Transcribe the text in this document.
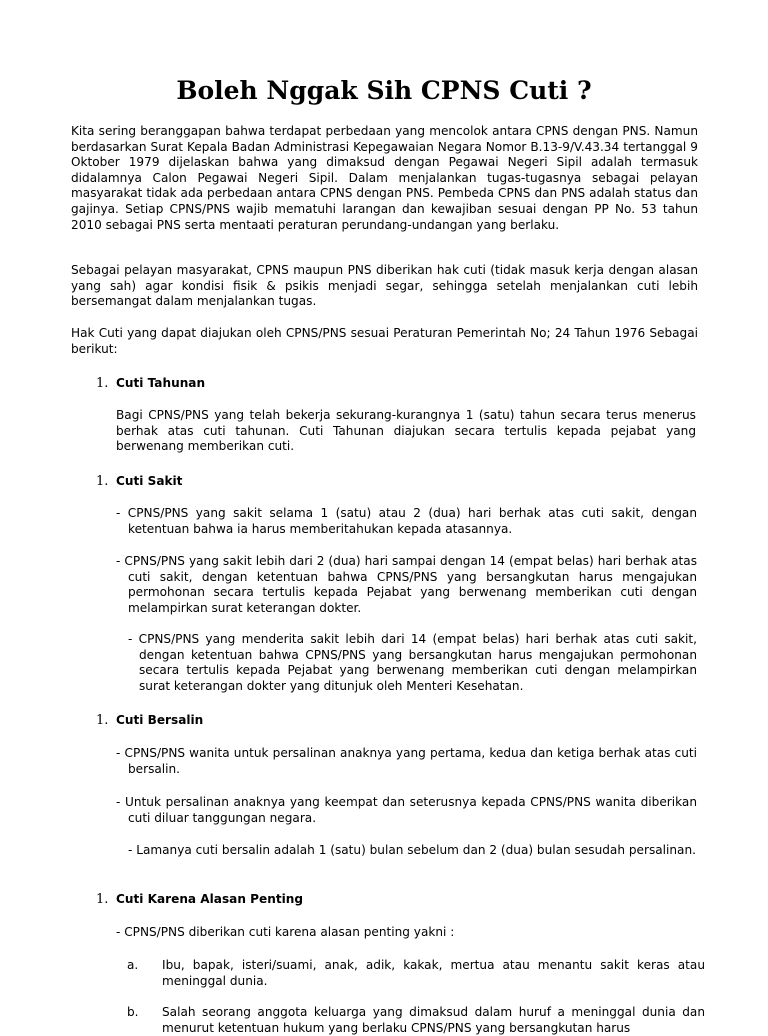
Boleh Nggak Sih CPNS Cuti ?

Kita sering beranggapan bahwa terdapat perbedaan yang mencolok antara CPNS dengan PNS. Namun berdasarkan Surat Kepala Badan Administrasi Kepegawaian Negara Nomor B.13-9/V.43.34 tertanggal 9 Oktober 1979 dijelaskan bahwa yang dimaksud dengan Pegawai Negeri Sipil adalah termasuk didalamnya Calon Pegawai Negeri Sipil. Dalam menjalankan tugas-tugasnya sebagai pelayan masyarakat tidak ada perbedaan antara CPNS dengan PNS. Pembeda CPNS dan PNS adalah status dan gajinya. Setiap CPNS/PNS wajib mematuhi larangan dan kewajiban sesuai dengan PP No. 53 tahun 2010 sebagai PNS serta mentaati peraturan perundang-undangan yang berlaku.

Sebagai pelayan masyarakat, CPNS maupun PNS diberikan hak cuti (tidak masuk kerja dengan alasan yang sah) agar kondisi fisik & psikis menjadi segar, sehingga setelah menjalankan cuti lebih bersemangat dalam menjalankan tugas.

Hak Cuti yang dapat diajukan oleh CPNS/PNS sesuai Peraturan Pemerintah No; 24 Tahun 1976 Sebagai berikut:

1. Cuti Tahunan

Bagi CPNS/PNS yang telah bekerja sekurang-kurangnya 1 (satu) tahun secara terus menerus berhak atas cuti tahunan. Cuti Tahunan diajukan secara tertulis kepada pejabat yang berwenang memberikan cuti.

1. Cuti Sakit

- CPNS/PNS yang sakit selama 1 (satu) atau 2 (dua) hari berhak atas cuti sakit, dengan ketentuan bahwa ia harus memberitahukan kepada atasannya.

- CPNS/PNS yang sakit lebih dari 2 (dua) hari sampai dengan 14 (empat belas) hari berhak atas cuti sakit, dengan ketentuan bahwa CPNS/PNS yang bersangkutan harus mengajukan permohonan secara tertulis kepada Pejabat yang berwenang memberikan cuti dengan melampirkan surat keterangan dokter.

- CPNS/PNS yang menderita sakit lebih dari 14 (empat belas) hari berhak atas cuti sakit, dengan ketentuan bahwa CPNS/PNS yang bersangkutan harus mengajukan permohonan secara tertulis kepada Pejabat yang berwenang memberikan cuti dengan melampirkan surat keterangan dokter yang ditunjuk oleh Menteri Kesehatan.

1. Cuti Bersalin

- CPNS/PNS wanita untuk persalinan anaknya yang pertama, kedua dan ketiga berhak atas cuti bersalin.

- Untuk persalinan anaknya yang keempat dan seterusnya kepada CPNS/PNS wanita diberikan cuti diluar tanggungan negara.

- Lamanya cuti bersalin adalah 1 (satu) bulan sebelum dan 2 (dua) bulan sesudah persalinan.

1. Cuti Karena Alasan Penting

- CPNS/PNS diberikan cuti karena alasan penting yakni :

a. Ibu, bapak, isteri/suami, anak, adik, kakak, mertua atau menantu sakit keras atau meninggal dunia.
b. Salah seorang anggota keluarga yang dimaksud dalam huruf a meninggal dunia dan menurut ketentuan hukum yang berlaku CPNS/PNS yang bersangkutan harus
